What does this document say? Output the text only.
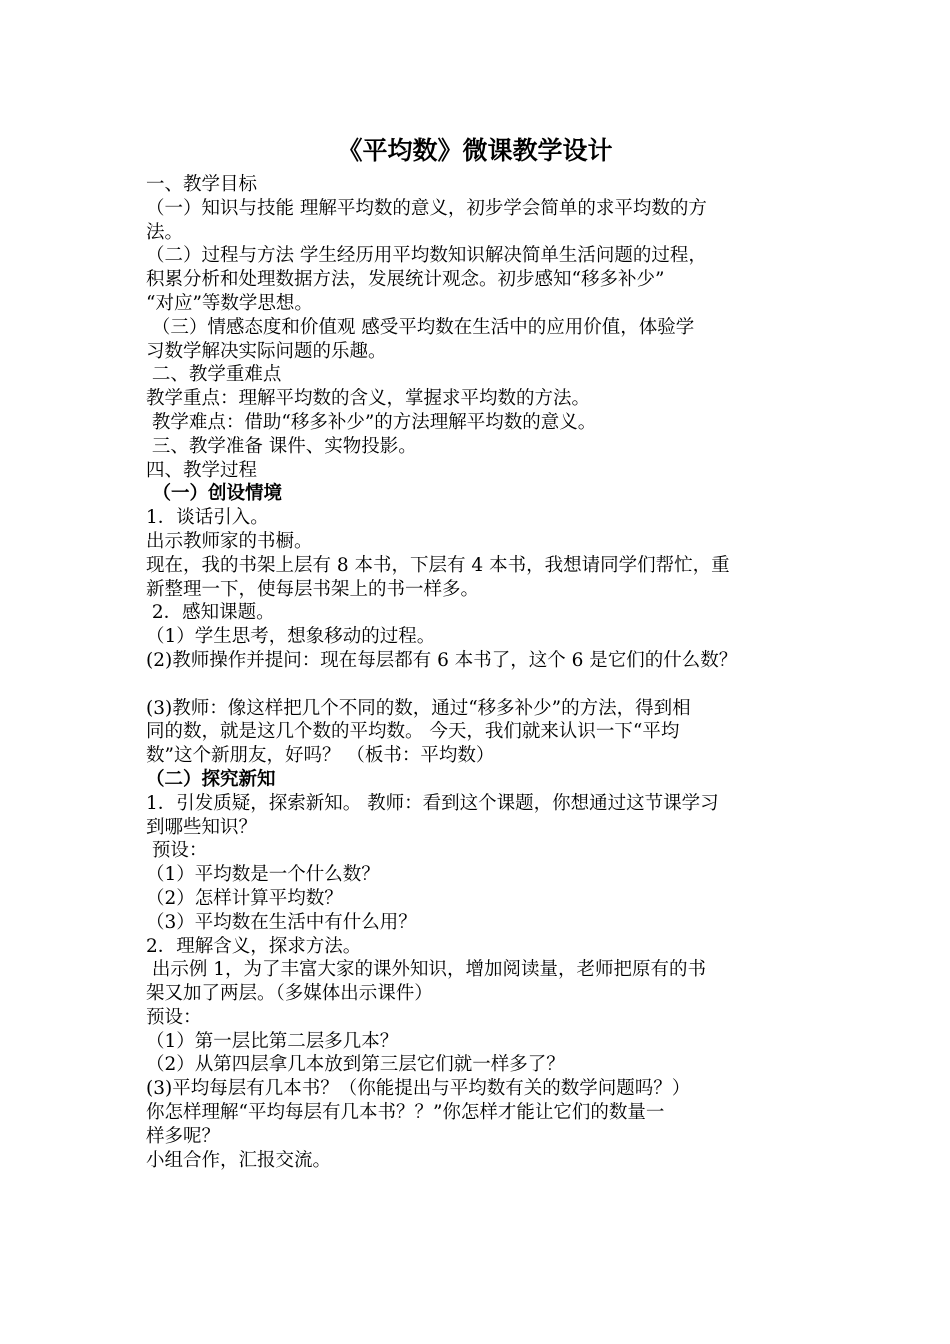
《平均数》微课教学设计
一、教学目标
（一）知识与技能 理解平均数的意义，初步学会简单的求平均数的方
法。
（二）过程与方法 学生经历用平均数知识解决简单生活问题的过程，
积累分析和处理数据方法，发展统计观念。初步感知“移多补少”
“对应”等数学思想。
（三）情感态度和价值观 感受平均数在生活中的应用价值，体验学
习数学解决实际问题的乐趣。
二、教学重难点
教学重点：理解平均数的含义，掌握求平均数的方法。
教学难点：借助“移多补少”的方法理解平均数的意义。
三、教学准备 课件、实物投影。
四、教学过程
（一）创设情境
1．谈话引入。
出示教师家的书橱。
现在，我的书架上层有 8 本书，下层有 4 本书，我想请同学们帮忙，重
新整理一下，使每层书架上的书一样多。
2．感知课题。
（1）学生思考，想象移动的过程。
(2)教师操作并提问：现在每层都有 6 本书了，这个 6 是它们的什么数？
(3)教师：像这样把几个不同的数，通过“移多补少”的方法，得到相
同的数，就是这几个数的平均数。 今天，我们就来认识一下“平均
数”这个新朋友，好吗？ （板书：平均数）
（二）探究新知
1．引发质疑，探索新知。 教师：看到这个课题，你想通过这节课学习
到哪些知识？
预设：
（1）平均数是一个什么数？
（2）怎样计算平均数？
（3）平均数在生活中有什么用？
2．理解含义，探求方法。
出示例 1，为了丰富大家的课外知识，增加阅读量，老师把原有的书
架又加了两层。（多媒体出示课件）
预设：
（1）第一层比第二层多几本？
（2）从第四层拿几本放到第三层它们就一样多了？
(3)平均每层有几本书？（你能提出与平均数有关的数学问题吗？）
你怎样理解“平均每层有几本书？？”你怎样才能让它们的数量一
样多呢？
小组合作，汇报交流。
